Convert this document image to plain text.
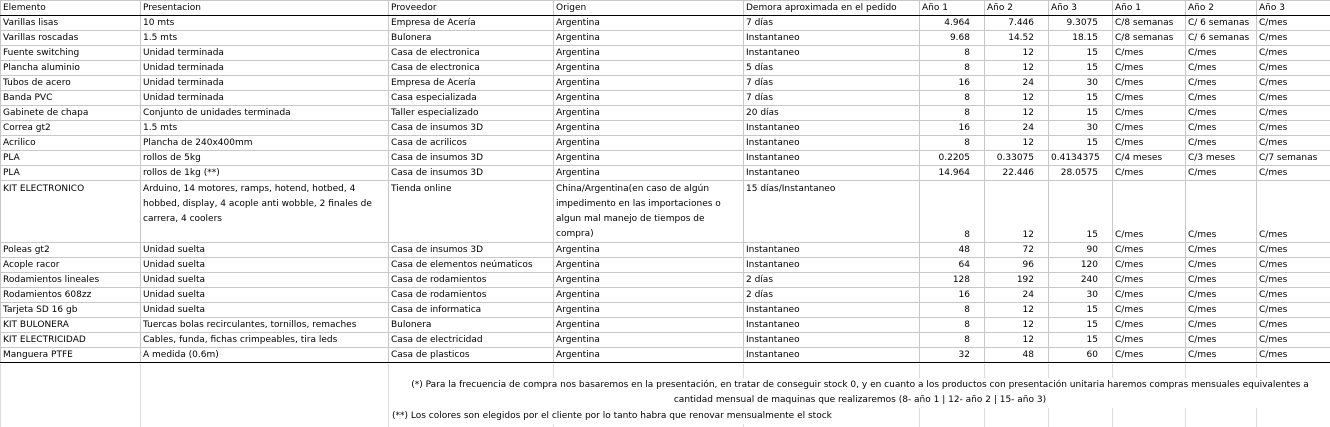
Elemento	Presentacion	Proveedor	Origen	Demora aproximada en el pedido	Año 1	Año 2	Año 3	Año 1	Año 2	Año 3
Varillas lisas	10 mts	Empresa de Acería	Argentina	7 días	4.964	7.446	9.3075	C/8 semanas	C/ 6 semanas	C/mes
Varillas roscadas	1.5 mts	Bulonera	Argentina	Instantaneo	9.68	14.52	18.15	C/8 semanas	C/ 6 semanas	C/mes
Fuente switching	Unidad terminada	Casa de electronica	Argentina	Instantaneo	8	12	15	C/mes	C/mes	C/mes
Plancha aluminio	Unidad terminada	Casa de electronica	Argentina	5 días	8	12	15	C/mes	C/mes	C/mes
Tubos de acero	Unidad terminada	Empresa de Acería	Argentina	7 días	16	24	30	C/mes	C/mes	C/mes
Banda PVC	Unidad terminada	Casa especializada	Argentina	7 días	8	12	15	C/mes	C/mes	C/mes
Gabinete de chapa	Conjunto de unidades terminada	Taller especializado	Argentina	20 días	8	12	15	C/mes	C/mes	C/mes
Correa gt2	1.5 mts	Casa de insumos 3D	Argentina	Instantaneo	16	24	30	C/mes	C/mes	C/mes
Acrilico	Plancha de 240x400mm	Casa de acrilicos	Argentina	Instantaneo	8	12	15	C/mes	C/mes	C/mes
PLA	rollos de 5kg	Casa de insumos 3D	Argentina	Instantaneo	0.2205	0.33075	0.4134375	C/4 meses	C/3 meses	C/7 semanas
PLA	rollos de 1kg (**)	Casa de insumos 3D	Argentina	Instantaneo	14.964	22.446	28.0575	C/mes	C/mes	C/mes
KIT ELECTRONICO	Arduino, 14 motores, ramps, hotend, hotbed, 4 hobbed, display, 4 acople anti wobble, 2 finales de carrera, 4 coolers	Tienda online	China/Argentina(en caso de algún impedimento en las importaciones o algun mal manejo de tiempos de compra)	15 días/Instantaneo	8	12	15	C/mes	C/mes	C/mes
Poleas gt2	Unidad suelta	Casa de insumos 3D	Argentina	Instantaneo	48	72	90	C/mes	C/mes	C/mes
Acople racor	Unidad suelta	Casa de elementos neúmaticos	Argentina	Instantaneo	64	96	120	C/mes	C/mes	C/mes
Rodamientos lineales	Unidad suelta	Casa de rodamientos	Argentina	2 días	128	192	240	C/mes	C/mes	C/mes
Rodamientos 608zz	Unidad suelta	Casa de rodamientos	Argentina	2 días	16	24	30	C/mes	C/mes	C/mes
Tarjeta SD 16 gb	Unidad suelta	Casa de informatica	Argentina	Instantaneo	8	12	15	C/mes	C/mes	C/mes
KIT BULONERA	Tuercas bolas recirculantes, tornillos, remaches	Bulonera	Argentina	Instantaneo	8	12	15	C/mes	C/mes	C/mes
KIT ELECTRICIDAD	Cables, funda, fichas crimpeables, tira leds	Casa de electricidad	Argentina	Instantaneo	8	12	15	C/mes	C/mes	C/mes
Manguera PTFE	A medida (0.6m)	Casa de plasticos	Argentina	Instantaneo	32	48	60	C/mes	C/mes	C/mes
(*) Para la frecuencia de compra nos basaremos en la presentación, en tratar de conseguir stock 0, y en cuanto a los productos con presentación unitaria haremos compras mensuales equivalentes a cantidad mensual de maquinas que realizaremos (8- año 1 | 12- año 2 | 15- año 3)
(**) Los colores son elegidos por el cliente por lo tanto habra que renovar mensualmente el stock
